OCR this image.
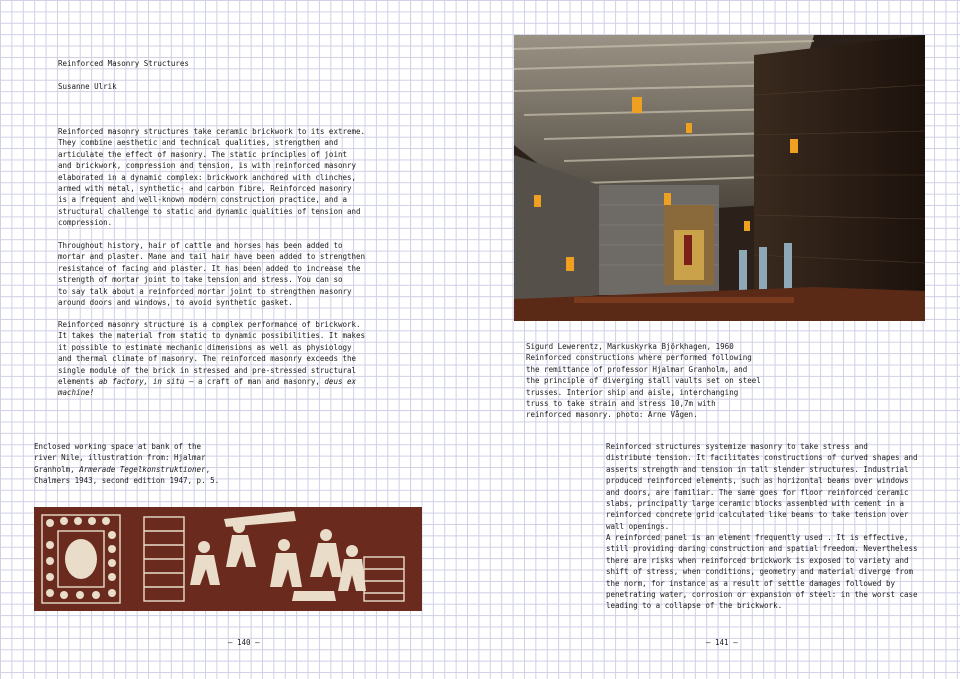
Reinforced Masonry Structures
Susanne Ulrik
Reinforced masonry structures take ceramic brickwork to its extreme.
They combine aesthetic and technical qualities, strengthen and
articulate the effect of masonry. The static principles of joint
and brickwork, compression and tension, is with reinforced masonry
elaborated in a dynamic complex: brickwork anchored with clinches,
armed with metal, synthetic- and carbon fibre. Reinforced masonry
is a frequent and well-known modern construction practice, and a
structural challenge to static and dynamic qualities of tension and
compression.
Throughout history, hair of cattle and horses has been added to
mortar and plaster. Mane and tail hair have been added to strengthen
resistance of facing and plaster. It has been added to increase the
strength of mortar joint to take tension and stress. You can so
to say talk about a reinforced mortar joint to strengthen masonry
around doors and windows, to avoid synthetic gasket.
Reinforced masonry structure is a complex performance of brickwork.
It takes the material from static to dynamic possibilities. It makes
it possible to estimate mechanic dimensions as well as physiology
and thermal climate of masonry. The reinforced masonry exceeds the
single module of the brick in stressed and pre-stressed structural
elements ab factory, in situ – a craft of man and masonry, deus ex
machine!
Enclosed working space at bank of the
river Nile, illustration from: Hjalmar
Granholm, Armerade Tegelkonstruktioner,
Chalmers 1943, second edition 1947, p. 5.
– 140 –
Sigurd Lewerentz, Markuskyrka Björkhagen, 1960
Reinforced constructions where performed following
the remittance of professor Hjalmar Granholm, and
the principle of diverging stall vaults set on steel
trusses. Interior ship and aisle, interchanging
truss to take strain and stress 10,7m with
reinforced masonry. photo: Arne Vågen.
Reinforced structures systemize masonry to take stress and
distribute tension. It facilitates constructions of curved shapes and
asserts strength and tension in tall slender structures. Industrial
produced reinforced elements, such as horizontal beams over windows
and doors, are familiar. The same goes for floor reinforced ceramic
slabs, principally large ceramic blocks assembled with cement in a
reinforced concrete grid calculated like beams to take tension over
wall openings.
A reinforced panel is an element frequently used . It is effective,
still providing daring construction and spatial freedom. Nevertheless
there are risks when reinforced brickwork is exposed to variety and
shift of stress, when conditions, geometry and material diverge from
the norm, for instance as a result of settle damages followed by
penetrating water, corrosion or expansion of steel: in the worst case
leading to a collapse of the brickwork.
– 141 –
